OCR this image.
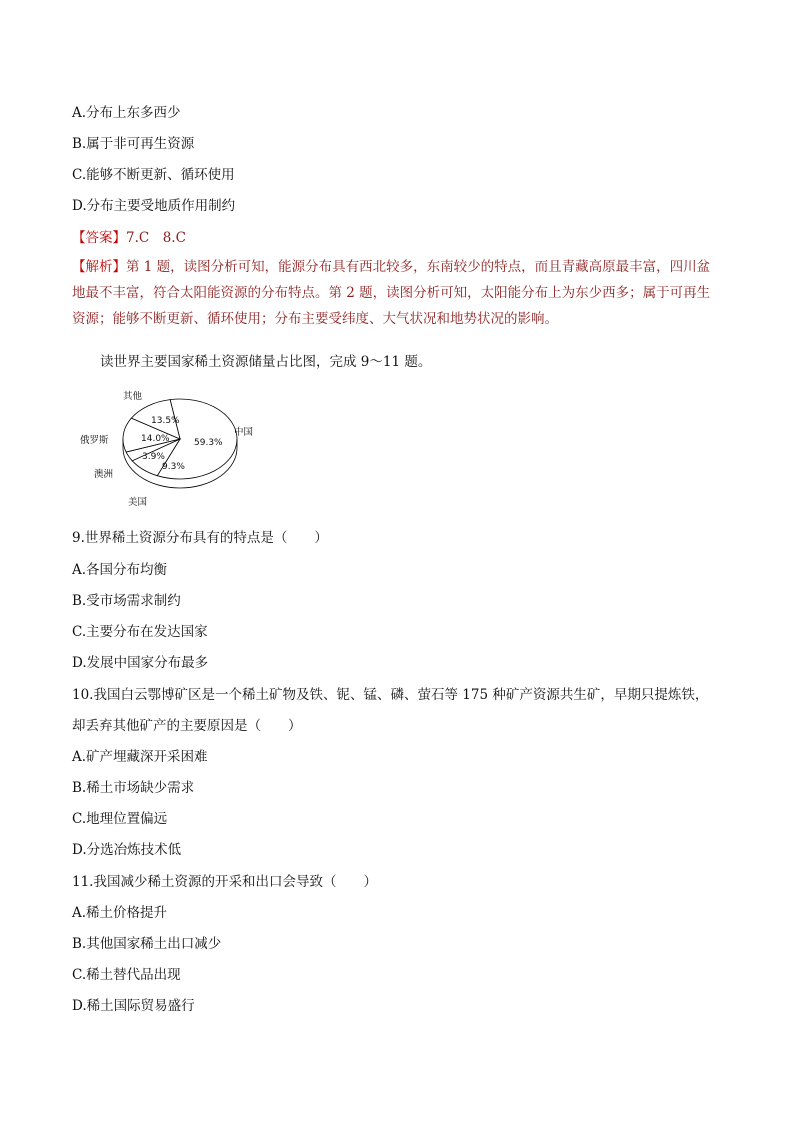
A.分布上东多西少
B.属于非可再生资源
C.能够不断更新、循环使用
D.分布主要受地质作用制约
【答案】7.C　8.C
【解析】第 1 题，读图分析可知，能源分布具有西北较多，东南较少的特点，而且青藏高原最丰富，四川盆地最不丰富，符合太阳能资源的分布特点。第 2 题，读图分析可知，太阳能分布上为东少西多；属于可再生资源；能够不断更新、循环使用；分布主要受纬度、大气状况和地势状况的影响。
读世界主要国家稀土资源储量占比图，完成 9～11 题。
59.3%
9.3%
3.9%
14.0%
13.5%
中国
美国
澳洲
俄罗斯
其他
9.世界稀土资源分布具有的特点是（　　）
A.各国分布均衡
B.受市场需求制约
C.主要分布在发达国家
D.发展中国家分布最多
10.我国白云鄂博矿区是一个稀土矿物及铁、铌、锰、磷、萤石等 175 种矿产资源共生矿，早期只提炼铁，
却丢弃其他矿产的主要原因是（　　）
A.矿产埋藏深开采困难
B.稀土市场缺少需求
C.地理位置偏远
D.分选冶炼技术低
11.我国减少稀土资源的开采和出口会导致（　　）
A.稀土价格提升
B.其他国家稀土出口减少
C.稀土替代品出现
D.稀土国际贸易盛行
